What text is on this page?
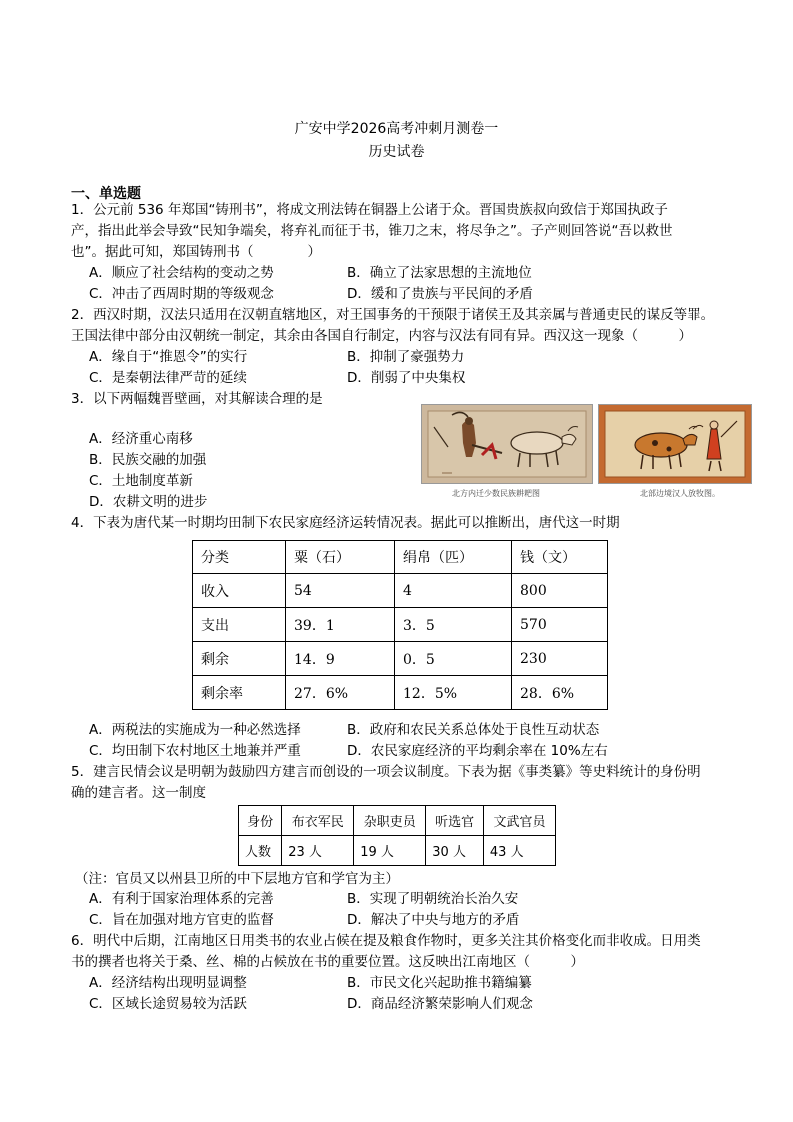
广安中学2026高考冲刺月测卷一
历史试卷
一、单选题
1．公元前 536 年郑国“铸刑书”，将成文刑法铸在铜器上公诸于众。晋国贵族叔向致信于郑国执政子
产，指出此举会导致“民知争端矣，将弃礼而征于书，锥刀之末，将尽争之”。子产则回答说“吾以救世
也”。据此可知，郑国铸刑书（　　　　）
A．顺应了社会结构的变动之势	B．确立了法家思想的主流地位
C．冲击了西周时期的等级观念	D．缓和了贵族与平民间的矛盾
2．西汉时期，汉法只适用在汉朝直辖地区，对王国事务的干预限于诸侯王及其亲属与普通吏民的谋反等罪。
王国法律中部分由汉朝统一制定，其余由各国自行制定，内容与汉法有同有异。西汉这一现象（　　　）
A．缘自于“推恩令”的实行	B．抑制了豪强势力
C．是秦朝法律严苛的延续	D．削弱了中央集权
3．以下两幅魏晋壁画，对其解读合理的是
A．经济重心南移
B．民族交融的加强
C．土地制度革新
D．农耕文明的进步
北方内迁少数民族耕耙图	北部边境汉人放牧图。
4．下表为唐代某一时期均田制下农民家庭经济运转情况表。据此可以推断出，唐代这一时期
分类	粟（石）	绢帛（匹）	钱（文）
收入	54	4	800
支出	39．1	3．5	570
剩余	14．9	0．5	230
剩余率	27．6%	12．5%	28．6%
A．两税法的实施成为一种必然选择	B．政府和农民关系总体处于良性互动状态
C．均田制下农村地区土地兼并严重	D．农民家庭经济的平均剩余率在 10%左右
5．建言民情会议是明朝为鼓励四方建言而创设的一项会议制度。下表为据《事类纂》等史料统计的身份明
确的建言者。这一制度
身份	布衣军民	杂职吏员	听选官	文武官员
人数	23 人	19 人	30 人	43 人
（注：官员又以州县卫所的中下层地方官和学官为主）
A．有利于国家治理体系的完善	B．实现了明朝统治长治久安
C．旨在加强对地方官吏的监督	D．解决了中央与地方的矛盾
6．明代中后期，江南地区日用类书的农业占候在提及粮食作物时，更多关注其价格变化而非收成。日用类
书的撰者也将关于桑、丝、棉的占候放在书的重要位置。这反映出江南地区（　　　）
A．经济结构出现明显调整	B．市民文化兴起助推书籍编纂
C．区域长途贸易较为活跃	D．商品经济繁荣影响人们观念
